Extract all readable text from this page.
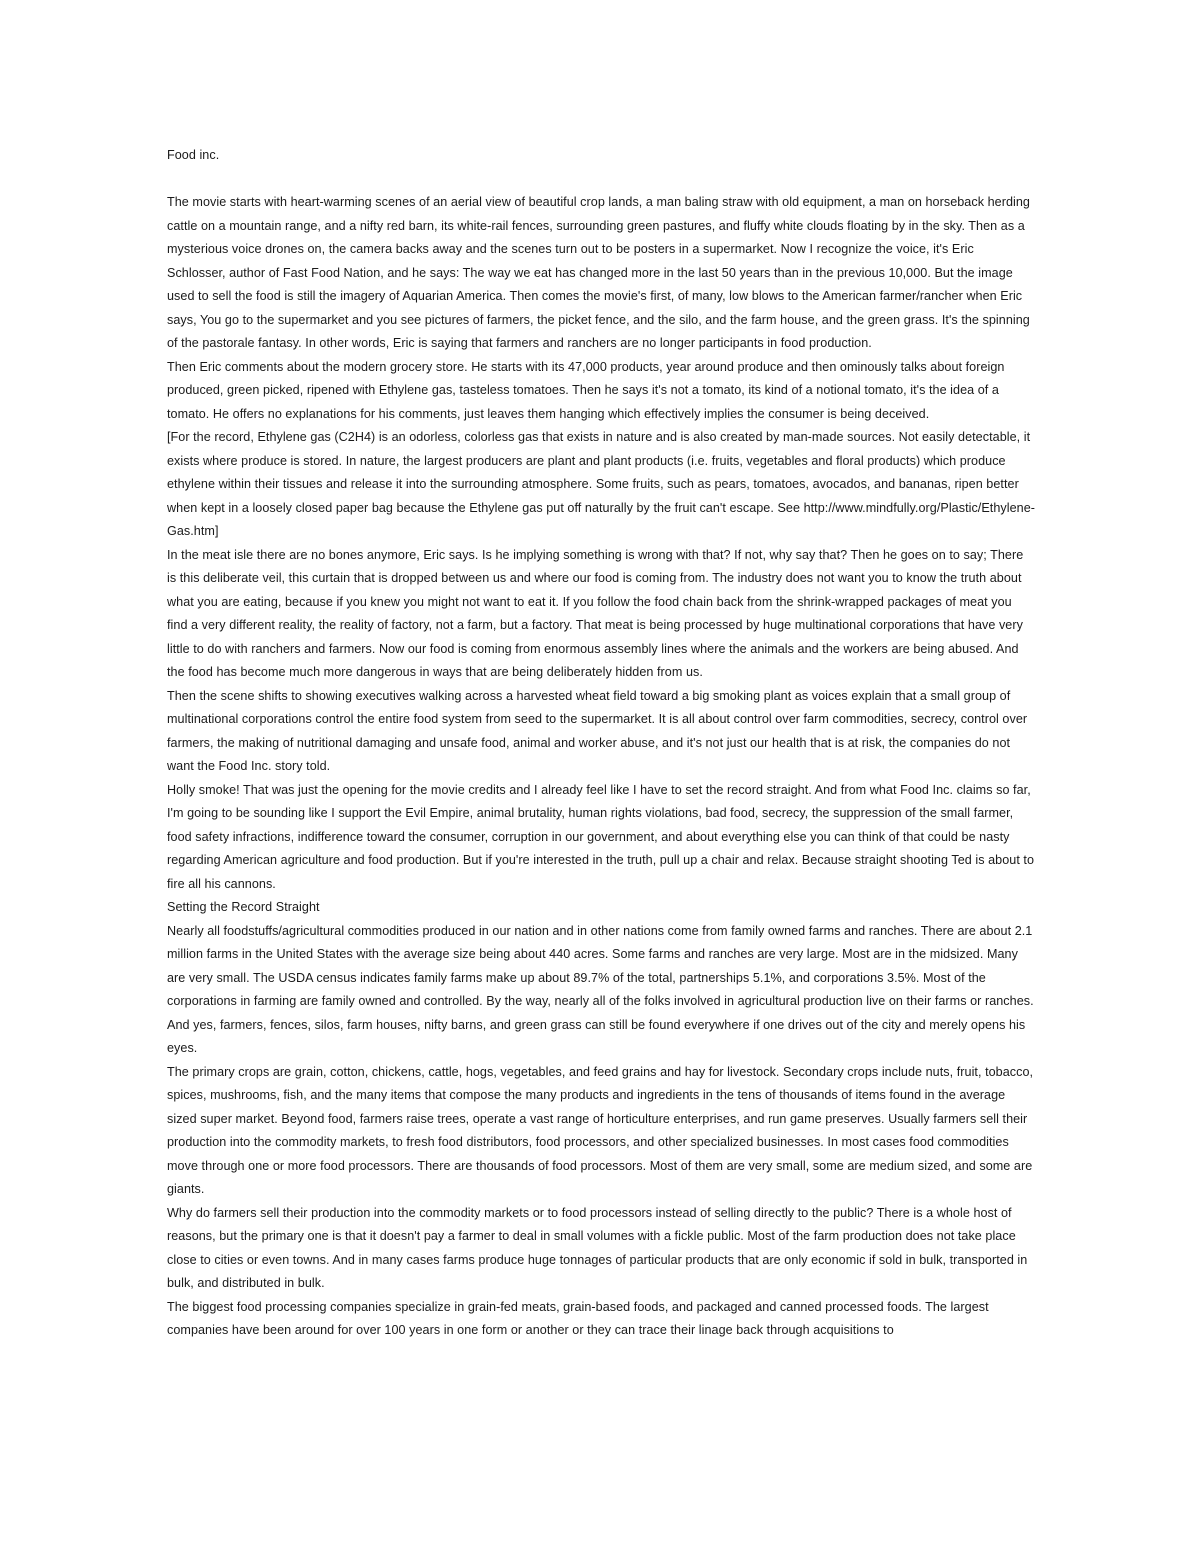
Food inc.

The movie starts with heart-warming scenes of an aerial view of beautiful crop lands, a man baling straw with old equipment, a man on horseback herding cattle on a mountain range, and a nifty red barn, its white-rail fences, surrounding green pastures, and fluffy white clouds floating by in the sky. Then as a mysterious voice drones on, the camera backs away and the scenes turn out to be posters in a supermarket. Now I recognize the voice, it's Eric Schlosser, author of Fast Food Nation, and he says: The way we eat has changed more in the last 50 years than in the previous 10,000. But the image used to sell the food is still the imagery of Aquarian America. Then comes the movie's first, of many, low blows to the American farmer/rancher when Eric says, You go to the supermarket and you see pictures of farmers, the picket fence, and the silo, and the farm house, and the green grass. It's the spinning of the pastorale fantasy. In other words, Eric is saying that farmers and ranchers are no longer participants in food production.

Then Eric comments about the modern grocery store. He starts with its 47,000 products, year around produce and then ominously talks about foreign produced, green picked, ripened with Ethylene gas, tasteless tomatoes. Then he says it's not a tomato, its kind of a notional tomato, it's the idea of a tomato. He offers no explanations for his comments, just leaves them hanging which effectively implies the consumer is being deceived.

[For the record, Ethylene gas (C2H4) is an odorless, colorless gas that exists in nature and is also created by man-made sources. Not easily detectable, it exists where produce is stored. In nature, the largest producers are plant and plant products (i.e. fruits, vegetables and floral products) which produce ethylene within their tissues and release it into the surrounding atmosphere. Some fruits, such as pears, tomatoes, avocados, and bananas, ripen better when kept in a loosely closed paper bag because the Ethylene gas put off naturally by the fruit can't escape. See http://www.mindfully.org/Plastic/Ethylene-Gas.htm]

In the meat isle there are no bones anymore, Eric says. Is he implying something is wrong with that? If not, why say that? Then he goes on to say; There is this deliberate veil, this curtain that is dropped between us and where our food is coming from. The industry does not want you to know the truth about what you are eating, because if you knew you might not want to eat it. If you follow the food chain back from the shrink-wrapped packages of meat you find a very different reality, the reality of factory, not a farm, but a factory. That meat is being processed by huge multinational corporations that have very little to do with ranchers and farmers. Now our food is coming from enormous assembly lines where the animals and the workers are being abused. And the food has become much more dangerous in ways that are being deliberately hidden from us.

Then the scene shifts to showing executives walking across a harvested wheat field toward a big smoking plant as voices explain that a small group of multinational corporations control the entire food system from seed to the supermarket. It is all about control over farm commodities, secrecy, control over farmers, the making of nutritional damaging and unsafe food, animal and worker abuse, and it's not just our health that is at risk, the companies do not want the Food Inc. story told.

Holly smoke! That was just the opening for the movie credits and I already feel like I have to set the record straight. And from what Food Inc. claims so far, I'm going to be sounding like I support the Evil Empire, animal brutality, human rights violations, bad food, secrecy, the suppression of the small farmer, food safety infractions, indifference toward the consumer, corruption in our government, and about everything else you can think of that could be nasty regarding American agriculture and food production. But if you're interested in the truth, pull up a chair and relax. Because straight shooting Ted is about to fire all his cannons.

Setting the Record Straight

Nearly all foodstuffs/agricultural commodities produced in our nation and in other nations come from family owned farms and ranches. There are about 2.1 million farms in the United States with the average size being about 440 acres. Some farms and ranches are very large. Most are in the midsized. Many are very small. The USDA census indicates family farms make up about 89.7% of the total, partnerships 5.1%, and corporations 3.5%. Most of the corporations in farming are family owned and controlled. By the way, nearly all of the folks involved in agricultural production live on their farms or ranches. And yes, farmers, fences, silos, farm houses, nifty barns, and green grass can still be found everywhere if one drives out of the city and merely opens his eyes.

The primary crops are grain, cotton, chickens, cattle, hogs, vegetables, and feed grains and hay for livestock. Secondary crops include nuts, fruit, tobacco, spices, mushrooms, fish, and the many items that compose the many products and ingredients in the tens of thousands of items found in the average sized super market. Beyond food, farmers raise trees, operate a vast range of horticulture enterprises, and run game preserves. Usually farmers sell their production into the commodity markets, to fresh food distributors, food processors, and other specialized businesses. In most cases food commodities move through one or more food processors. There are thousands of food processors. Most of them are very small, some are medium sized, and some are giants.

Why do farmers sell their production into the commodity markets or to food processors instead of selling directly to the public? There is a whole host of reasons, but the primary one is that it doesn't pay a farmer to deal in small volumes with a fickle public. Most of the farm production does not take place close to cities or even towns. And in many cases farms produce huge tonnages of particular products that are only economic if sold in bulk, transported in bulk, and distributed in bulk.

The biggest food processing companies specialize in grain-fed meats, grain-based foods, and packaged and canned processed foods. The largest companies have been around for over 100 years in one form or another or they can trace their linage back through acquisitions to
